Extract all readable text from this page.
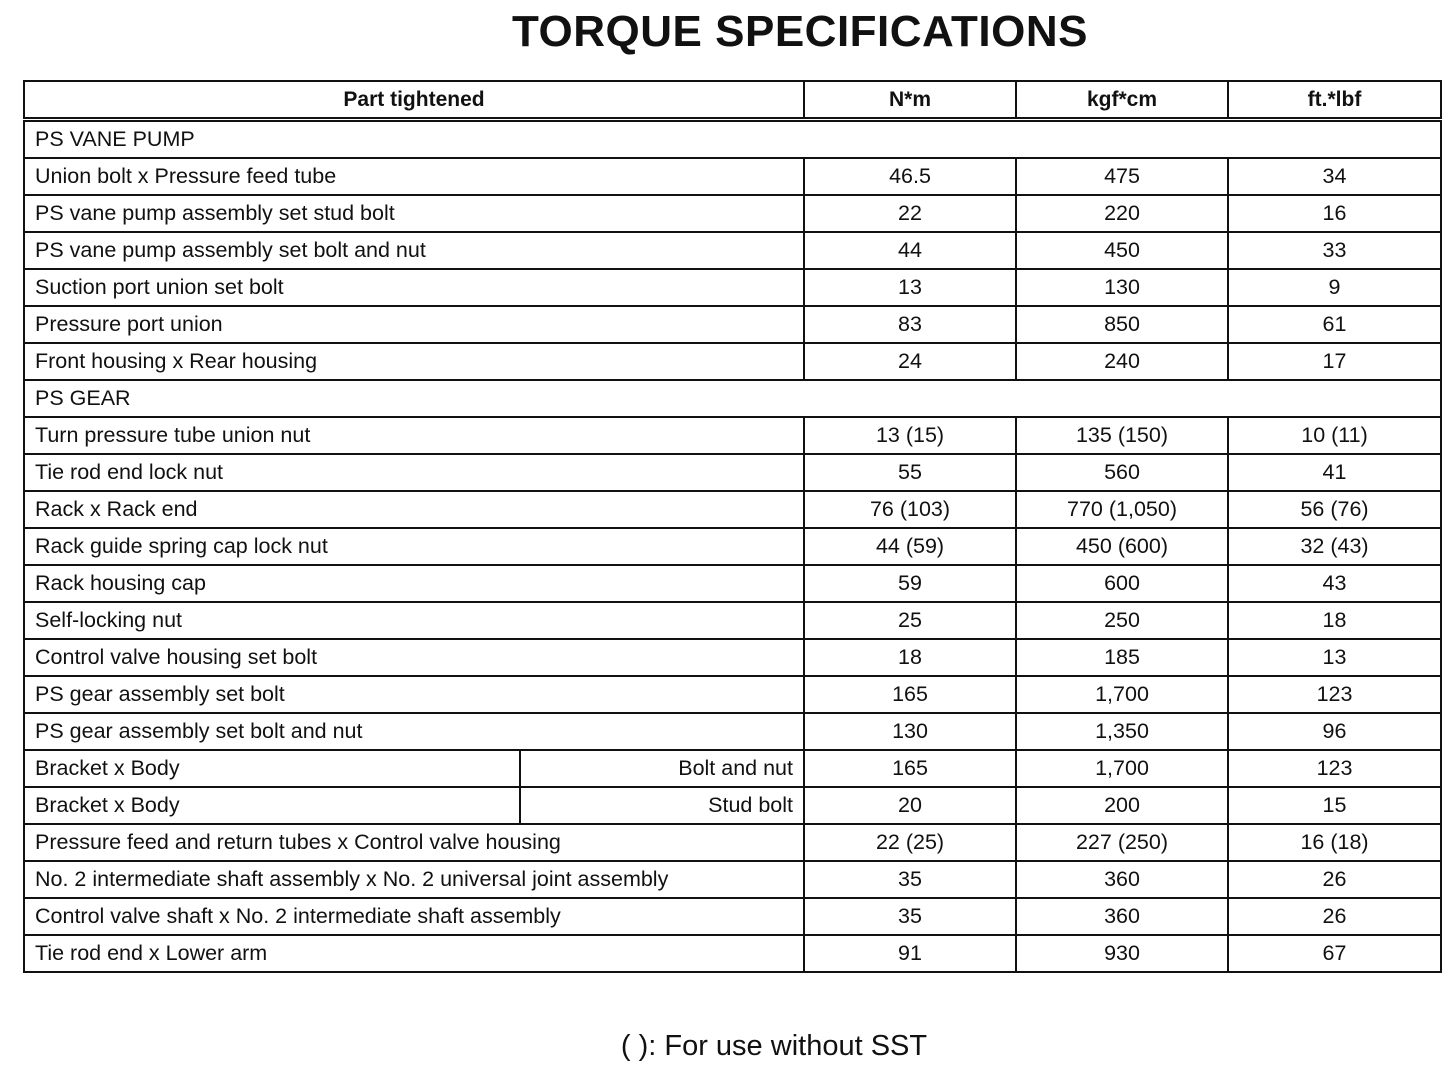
TORQUE SPECIFICATIONS
Part tightened		N*m	kgf*cm	ft.*lbf
PS VANE PUMP				
Union bolt x Pressure feed tube		46.5	475	34
PS vane pump assembly set stud bolt		22	220	16
PS vane pump assembly set bolt and nut		44	450	33
Suction port union set bolt		13	130	9
Pressure port union		83	850	61
Front housing x Rear housing		24	240	17
PS GEAR				
Turn pressure tube union nut		13 (15)	135 (150)	10 (11)
Tie rod end lock nut		55	560	41
Rack x Rack end		76 (103)	770 (1,050)	56 (76)
Rack guide spring cap lock nut		44 (59)	450 (600)	32 (43)
Rack housing cap		59	600	43
Self-locking nut		25	250	18
Control valve housing set bolt		18	185	13
PS gear assembly set bolt		165	1,700	123
PS gear assembly set bolt and nut		130	1,350	96
Bracket x Body	Bolt and nut	165	1,700	123
Bracket x Body	Stud bolt	20	200	15
Pressure feed and return tubes x Control valve housing		22 (25)	227 (250)	16 (18)
No. 2 intermediate shaft assembly x No. 2 universal joint assembly		35	360	26
Control valve shaft x No. 2 intermediate shaft assembly		35	360	26
Tie rod end x Lower arm		91	930	67
( ): For use without SST
